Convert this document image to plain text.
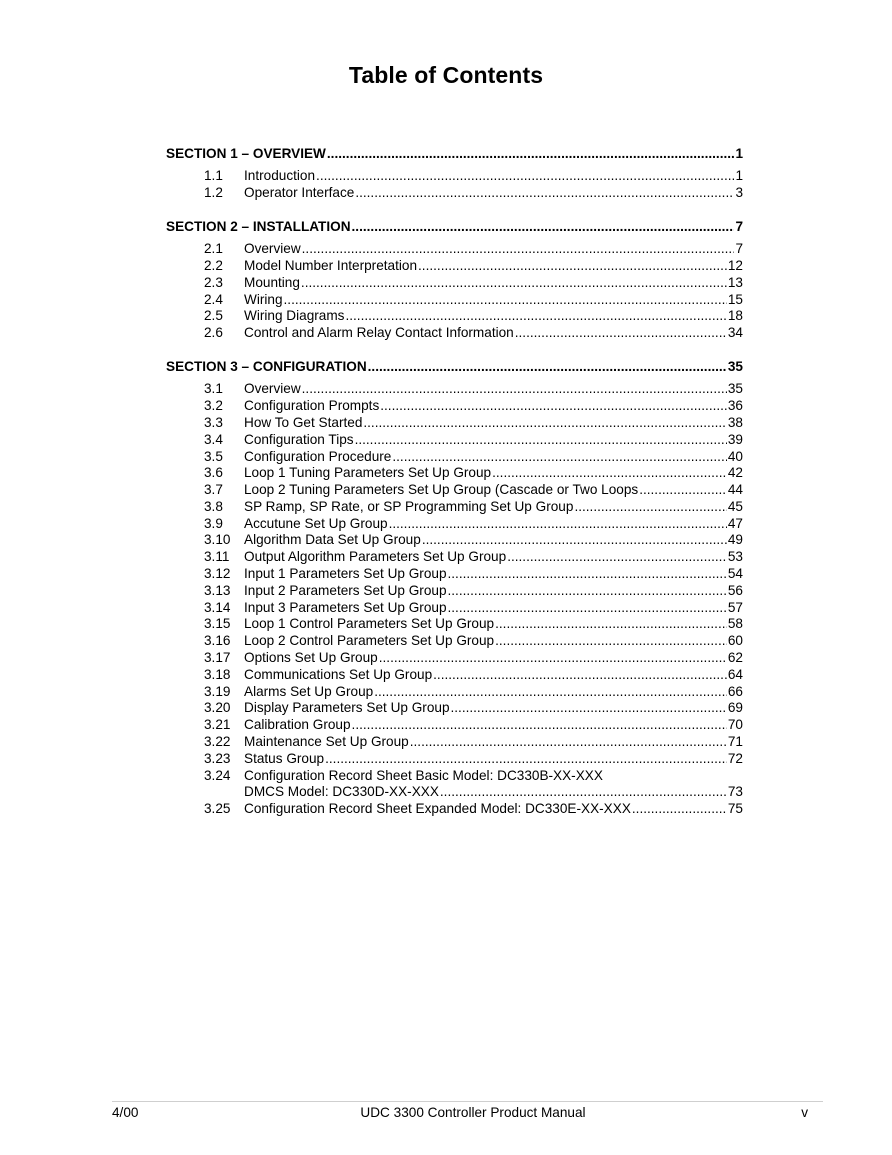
Table of Contents
SECTION 1 – OVERVIEW .....	1
1.1	Introduction .....	1
1.2	Operator Interface .....	3
SECTION 2 – INSTALLATION .....	7
2.1	Overview .....	7
2.2	Model Number Interpretation .....	12
2.3	Mounting .....	13
2.4	Wiring .....	15
2.5	Wiring Diagrams .....	18
2.6	Control and Alarm Relay Contact Information .....	34
SECTION 3 – CONFIGURATION .....	35
3.1	Overview .....	35
3.2	Configuration Prompts .....	36
3.3	How To Get Started .....	38
3.4	Configuration Tips .....	39
3.5	Configuration Procedure .....	40
3.6	Loop 1 Tuning Parameters Set Up Group .....	42
3.7	Loop 2 Tuning Parameters Set Up Group (Cascade or Two Loops .....	44
3.8	SP Ramp, SP Rate, or SP Programming Set Up Group .....	45
3.9	Accutune Set Up Group .....	47
3.10 Algorithm Data Set Up Group .....	49
3.11	Output Algorithm Parameters Set Up Group .....	53
3.12 Input 1 Parameters Set Up Group .....	54
3.13 Input 2 Parameters Set Up Group .....	56
3.14 Input 3 Parameters Set Up Group .....	57
3.15 Loop 1 Control Parameters Set Up Group .....	58
3.16 Loop 2 Control Parameters Set Up Group .....	60
3.17 Options Set Up Group .....	62
3.18 Communications Set Up Group .....	64
3.19 Alarms Set Up Group .....	66
3.20 Display Parameters Set Up Group .....	69
3.21 Calibration Group .....	70
3.22 Maintenance Set Up Group .....	71
3.23 Status Group .....	72
3.24 Configuration Record Sheet Basic Model: DC330B-XX-XXX
DMCS Model: DC330D-XX-XXX .....	73
3.25 Configuration Record Sheet Expanded Model: DC330E-XX-XXX .....	75
4/00	UDC 3300 Controller Product Manual	v
